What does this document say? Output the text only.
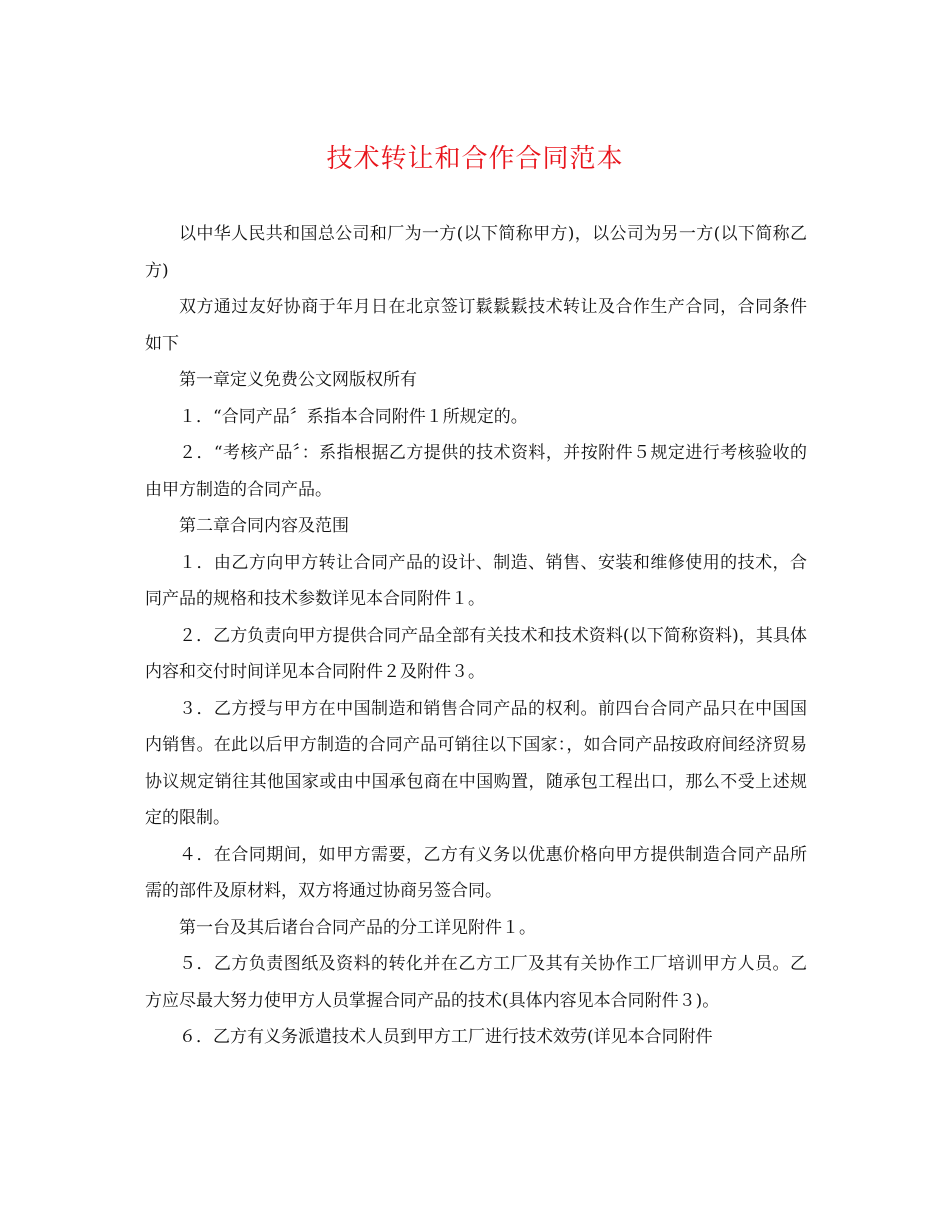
技术转让和合作合同范本

以中华人民共和国总公司和厂为一方(以下简称甲方)，以公司为另一方(以下简称乙方)

双方通过友好协商于年月日在北京签订鬏鬏鬏技术转让及合作生产合同，合同条件如下

第一章定义免费公文网版权所有

１．“合同产品〞系指本合同附件１所规定的。

２．“考核产品〞：系指根据乙方提供的技术资料，并按附件５规定进行考核验收的由甲方制造的合同产品。

第二章合同内容及范围

１．由乙方向甲方转让合同产品的设计、制造、销售、安装和维修使用的技术，合同产品的规格和技术参数详见本合同附件１。

２．乙方负责向甲方提供合同产品全部有关技术和技术资料(以下简称资料)，其具体内容和交付时间详见本合同附件２及附件３。

３．乙方授与甲方在中国制造和销售合同产品的权利。前四台合同产品只在中国国内销售。在此以后甲方制造的合同产品可销往以下国家：，如合同产品按政府间经济贸易协议规定销往其他国家或由中国承包商在中国购置，随承包工程出口，那么不受上述规定的限制。

４．在合同期间，如甲方需要，乙方有义务以优惠价格向甲方提供制造合同产品所需的部件及原材料，双方将通过协商另签合同。

第一台及其后诸台合同产品的分工详见附件１。

５．乙方负责图纸及资料的转化并在乙方工厂及其有关协作工厂培训甲方人员。乙方应尽最大努力使甲方人员掌握合同产品的技术(具体内容见本合同附件３)。

６．乙方有义务派遣技术人员到甲方工厂进行技术效劳(详见本合同附件
